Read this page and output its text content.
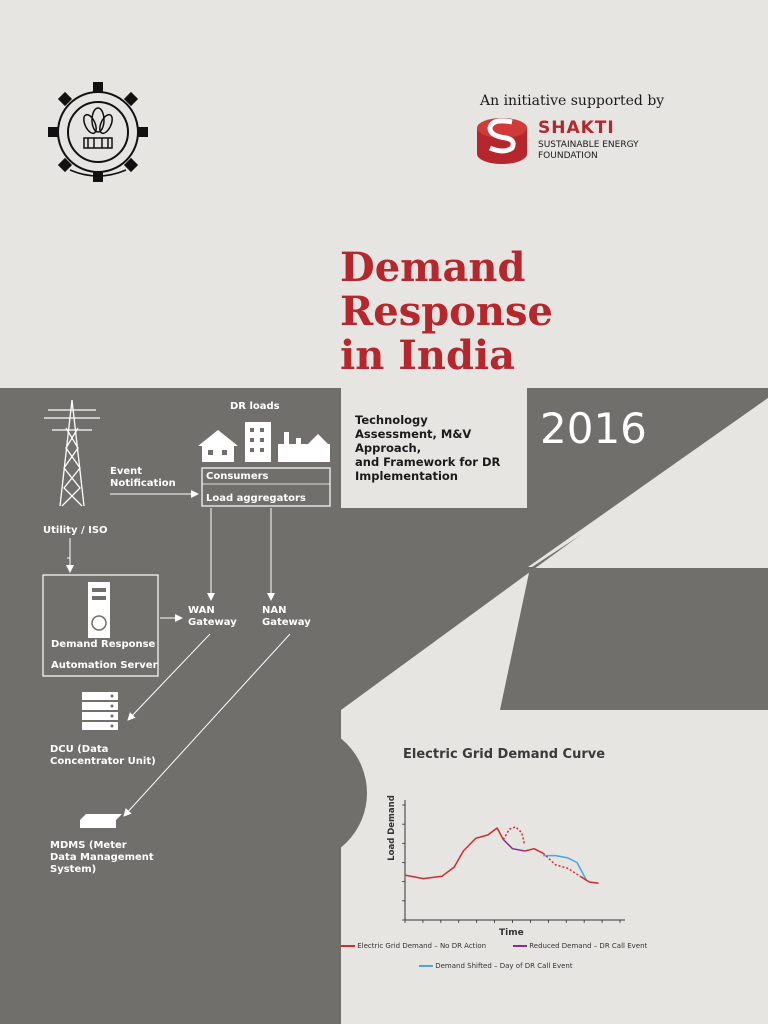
An initiative supported by
SHAKTI
SUSTAINABLE ENERGY
FOUNDATION
Demand
Response
in India
Technology
Assessment, M&V
Approach,
and Framework for DR
Implementation
2016
DR loads
Event
Notification
Consumers
Load aggregators
Utility / ISO
Demand Response
Automation Server
WAN
Gateway
NAN
Gateway
DCU (Data
Concentrator Unit)
MDMS (Meter
Data Management
System)
Electric Grid Demand Curve
Load Demand
Time
Electric Grid Demand – No DR Action	Reduced Demand – DR Call Event
Demand Shifted – Day of DR Call Event
